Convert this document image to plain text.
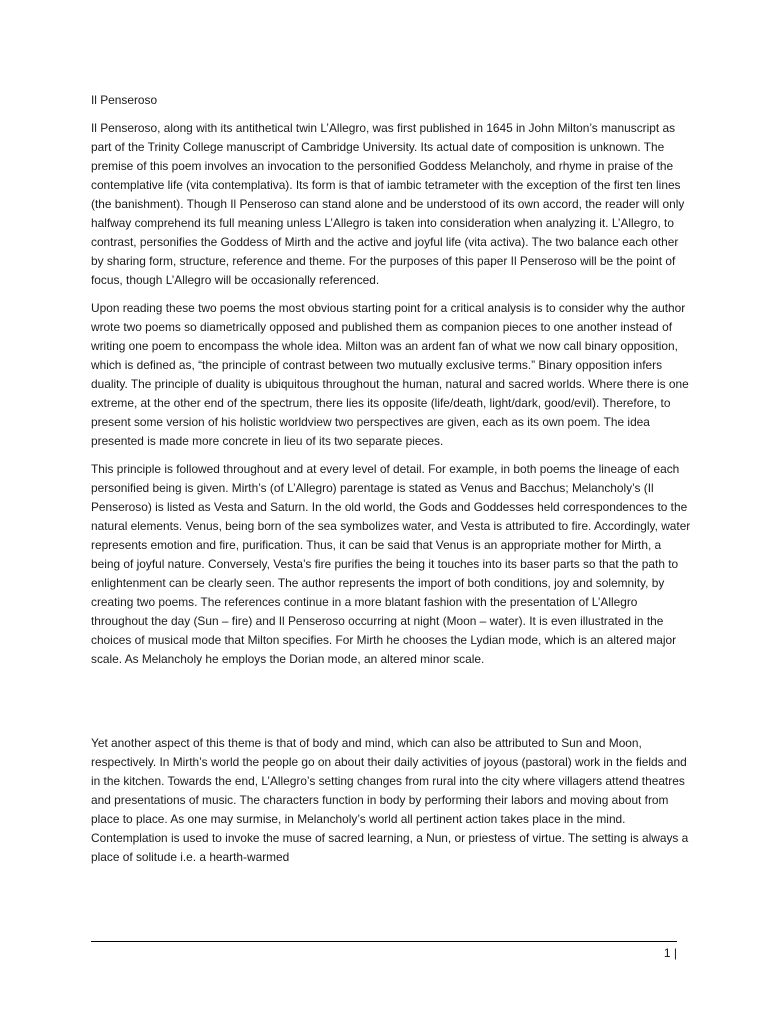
Il Penseroso

Il Penseroso, along with its antithetical twin L’Allegro, was first published in 1645 in John Milton’s manuscript as part of the Trinity College manuscript of Cambridge University. Its actual date of composition is unknown. The premise of this poem involves an invocation to the personified Goddess Melancholy, and rhyme in praise of the contemplative life (vita contemplativa). Its form is that of iambic tetrameter with the exception of the first ten lines (the banishment). Though Il Penseroso can stand alone and be understood of its own accord, the reader will only halfway comprehend its full meaning unless L’Allegro is taken into consideration when analyzing it. L’Allegro, to contrast, personifies the Goddess of Mirth and the active and joyful life (vita activa). The two balance each other by sharing form, structure, reference and theme. For the purposes of this paper Il Penseroso will be the point of focus, though L’Allegro will be occasionally referenced.

Upon reading these two poems the most obvious starting point for a critical analysis is to consider why the author wrote two poems so diametrically opposed and published them as companion pieces to one another instead of writing one poem to encompass the whole idea. Milton was an ardent fan of what we now call binary opposition, which is defined as, “the principle of contrast between two mutually exclusive terms.” Binary opposition infers duality. The principle of duality is ubiquitous throughout the human, natural and sacred worlds. Where there is one extreme, at the other end of the spectrum, there lies its opposite (life/death, light/dark, good/evil). Therefore, to present some version of his holistic worldview two perspectives are given, each as its own poem. The idea presented is made more concrete in lieu of its two separate pieces.

This principle is followed throughout and at every level of detail. For example, in both poems the lineage of each personified being is given. Mirth’s (of L’Allegro) parentage is stated as Venus and Bacchus; Melancholy’s (Il Penseroso) is listed as Vesta and Saturn. In the old world, the Gods and Goddesses held correspondences to the natural elements. Venus, being born of the sea symbolizes water, and Vesta is attributed to fire. Accordingly, water represents emotion and fire, purification. Thus, it can be said that Venus is an appropriate mother for Mirth, a being of joyful nature. Conversely, Vesta’s fire purifies the being it touches into its baser parts so that the path to enlightenment can be clearly seen. The author represents the import of both conditions, joy and solemnity, by creating two poems. The references continue in a more blatant fashion with the presentation of L’Allegro throughout the day (Sun – fire) and Il Penseroso occurring at night (Moon – water). It is even illustrated in the choices of musical mode that Milton specifies. For Mirth he chooses the Lydian mode, which is an altered major scale. As Melancholy he employs the Dorian mode, an altered minor scale.

Yet another aspect of this theme is that of body and mind, which can also be attributed to Sun and Moon, respectively. In Mirth’s world the people go on about their daily activities of joyous (pastoral) work in the fields and in the kitchen. Towards the end, L’Allegro’s setting changes from rural into the city where villagers attend theatres and presentations of music. The characters function in body by performing their labors and moving about from place to place. As one may surmise, in Melancholy’s world all pertinent action takes place in the mind. Contemplation is used to invoke the muse of sacred learning, a Nun, or priestess of virtue. The setting is always a place of solitude i.e. a hearth-warmed

1 |
